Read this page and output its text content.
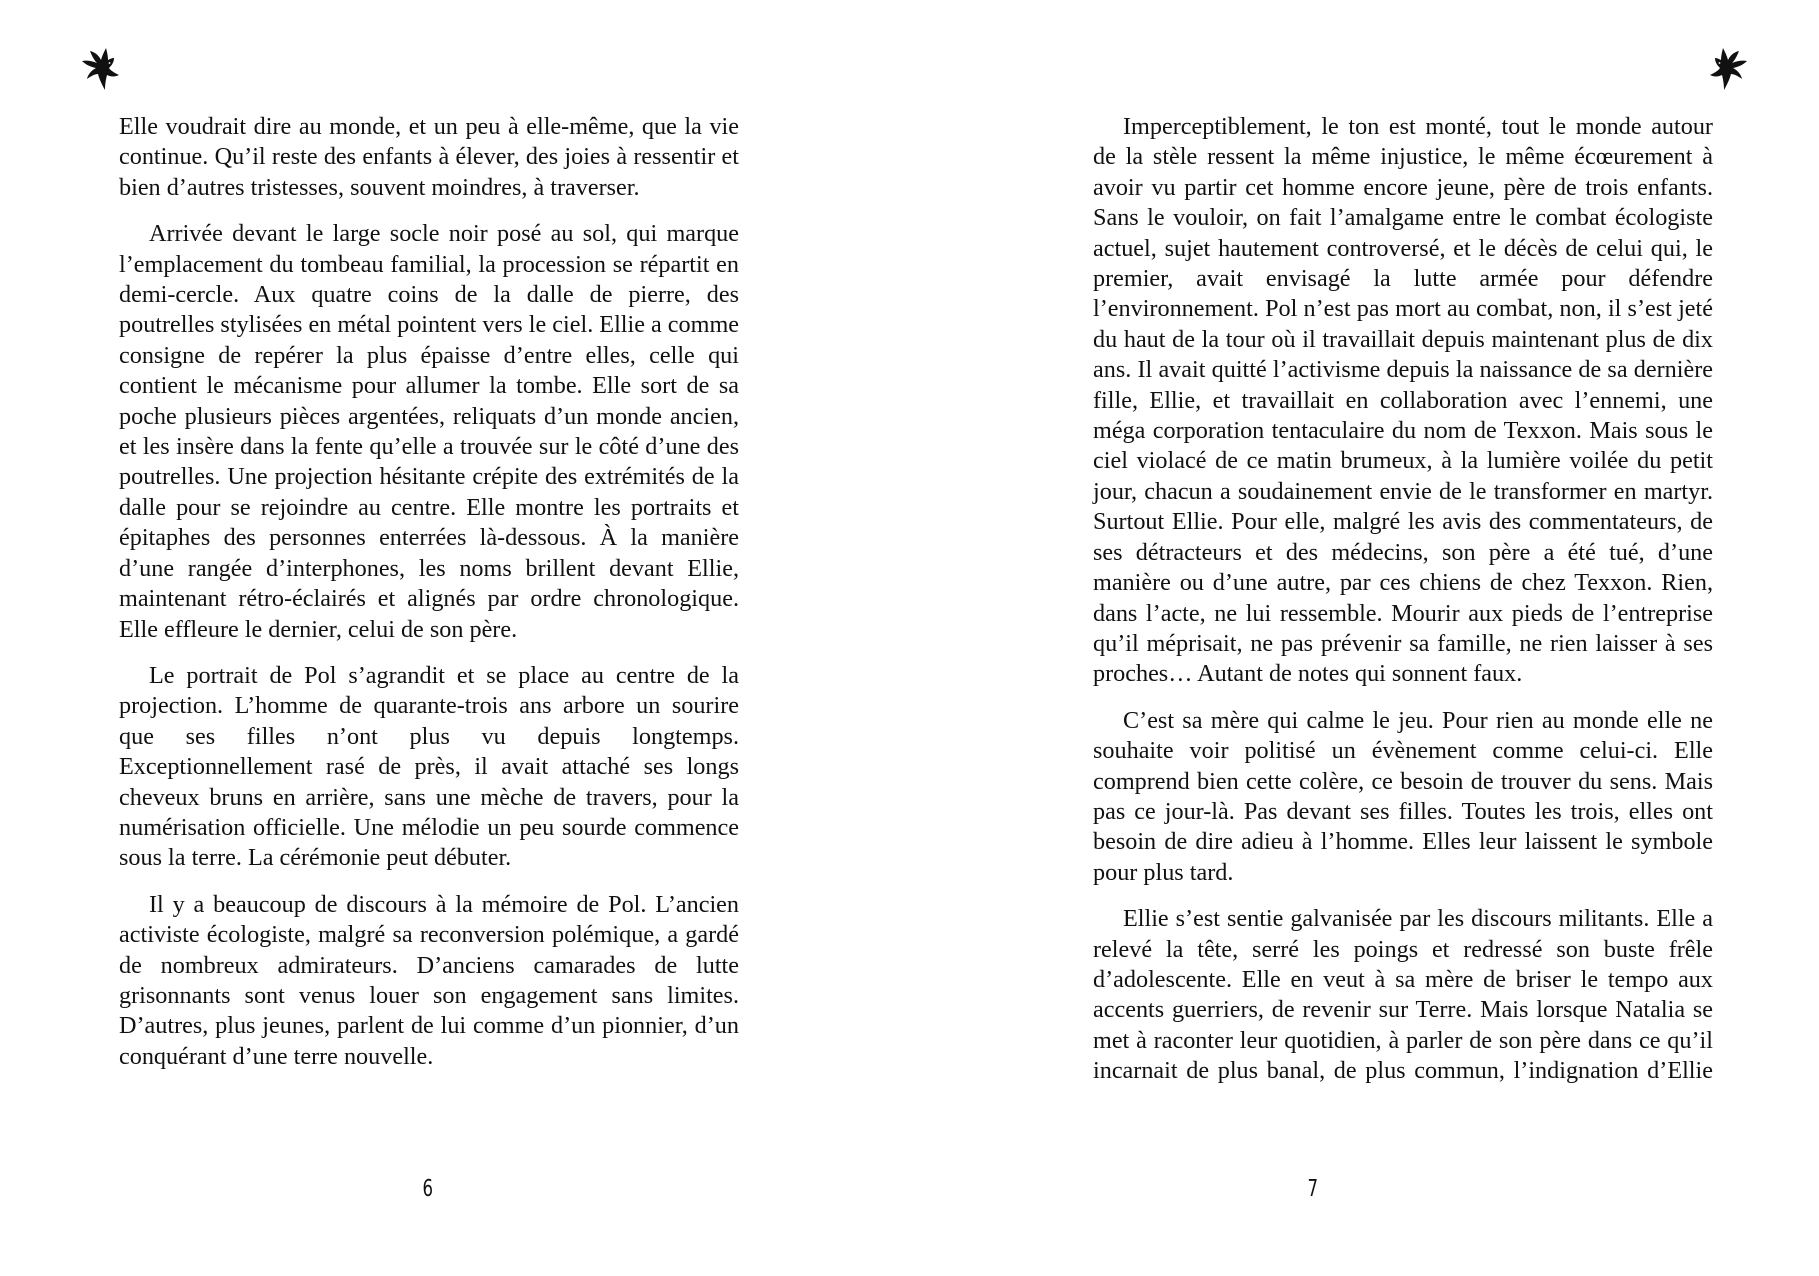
Elle voudrait dire au monde, et un peu à elle-même, que la vie continue. Qu’il reste des enfants à élever, des joies à ressentir et bien d’autres tristesses, souvent moindres, à traverser.

Arrivée devant le large socle noir posé au sol, qui marque l’emplacement du tombeau familial, la procession se répartit en demi-cercle. Aux quatre coins de la dalle de pierre, des poutrelles stylisées en métal pointent vers le ciel. Ellie a comme consigne de repérer la plus épaisse d’entre elles, celle qui contient le mécanisme pour allumer la tombe. Elle sort de sa poche plusieurs pièces argentées, reliquats d’un monde ancien, et les insère dans la fente qu’elle a trouvée sur le côté d’une des poutrelles. Une projection hésitante crépite des extrémités de la dalle pour se rejoindre au centre. Elle montre les portraits et épitaphes des personnes enterrées là-dessous. À la manière d’une rangée d’interphones, les noms brillent devant Ellie, maintenant rétro-éclairés et alignés par ordre chronologique. Elle effleure le dernier, celui de son père.

Le portrait de Pol s’agrandit et se place au centre de la projection. L’homme de quarante-trois ans arbore un sourire que ses filles n’ont plus vu depuis longtemps. Exceptionnellement rasé de près, il avait attaché ses longs cheveux bruns en arrière, sans une mèche de travers, pour la numérisation officielle. Une mélodie un peu sourde commence sous la terre. La cérémonie peut débuter.

Il y a beaucoup de discours à la mémoire de Pol. L’ancien activiste écologiste, malgré sa reconversion polémique, a gardé de nombreux admirateurs. D’anciens camarades de lutte grisonnants sont venus louer son engagement sans limites. D’autres, plus jeunes, parlent de lui comme d’un pionnier, d’un conquérant d’une terre nouvelle.

6

Imperceptiblement, le ton est monté, tout le monde autour de la stèle ressent la même injustice, le même écœurement à avoir vu partir cet homme encore jeune, père de trois enfants. Sans le vouloir, on fait l’amalgame entre le combat écologiste actuel, sujet hautement controversé, et le décès de celui qui, le premier, avait envisagé la lutte armée pour défendre l’environnement. Pol n’est pas mort au combat, non, il s’est jeté du haut de la tour où il travaillait depuis maintenant plus de dix ans. Il avait quitté l’activisme depuis la naissance de sa dernière fille, Ellie, et travaillait en collaboration avec l’ennemi, une méga corporation tentaculaire du nom de Texxon. Mais sous le ciel violacé de ce matin brumeux, à la lumière voilée du petit jour, chacun a soudainement envie de le transformer en martyr. Surtout Ellie. Pour elle, malgré les avis des commentateurs, de ses détracteurs et des médecins, son père a été tué, d’une manière ou d’une autre, par ces chiens de chez Texxon. Rien, dans l’acte, ne lui ressemble. Mourir aux pieds de l’entreprise qu’il méprisait, ne pas prévenir sa famille, ne rien laisser à ses proches… Autant de notes qui sonnent faux.

C’est sa mère qui calme le jeu. Pour rien au monde elle ne souhaite voir politisé un évènement comme celui-ci. Elle comprend bien cette colère, ce besoin de trouver du sens. Mais pas ce jour-là. Pas devant ses filles. Toutes les trois, elles ont besoin de dire adieu à l’homme. Elles leur laissent le symbole pour plus tard.

Ellie s’est sentie galvanisée par les discours militants. Elle a relevé la tête, serré les poings et redressé son buste frêle d’adolescente. Elle en veut à sa mère de briser le tempo aux accents guerriers, de revenir sur Terre. Mais lorsque Natalia se met à raconter leur quotidien, à parler de son père dans ce qu’il incarnait de plus banal, de plus commun, l’indignation d’Ellie

7
